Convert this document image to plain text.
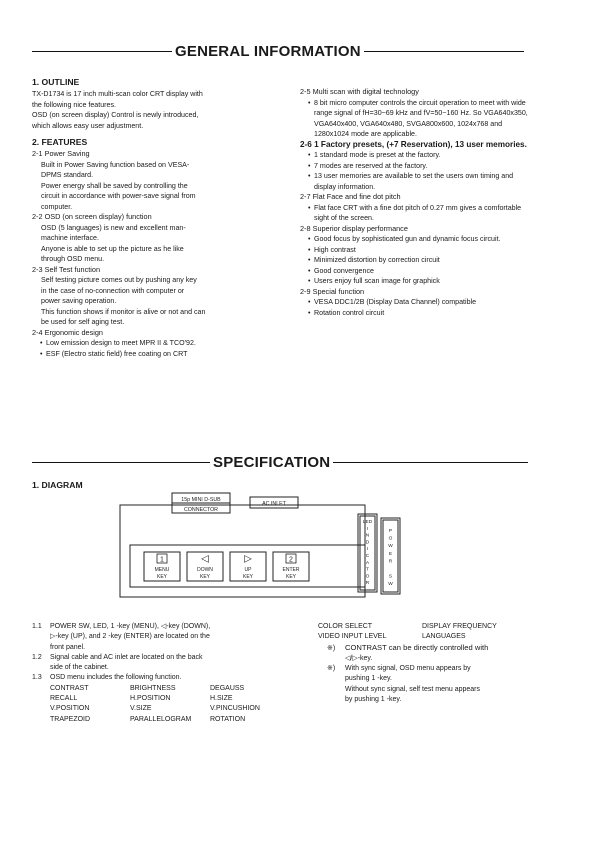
GENERAL INFORMATION
1. OUTLINE
TX-D1734 is 17 inch multi-scan color CRT display with
the following nice features.
OSD (on screen display) Control is newly introduced,
which allows easy user adjustment.
2. FEATURES
2-1 Power Saving
Built in Power Saving function based on VESA-
DPMS standard.
Power energy shall be saved by controlling the
circuit in accordance with power-save signal from
computer.
2-2 OSD (on screen display) function
OSD (5 languages) is new and excellent man-
machine interface.
Anyone is able to set up the picture as he like
through OSD menu.
2-3 Self Test function
Self testing picture comes out by pushing any key
in the case of no-connection with computer or
power saving operation.
This function shows if monitor is alive or not and can
be used for self aging test.
2-4 Ergonomic design
• Low emission design to meet MPR II & TCO'92.
• ESF (Electro static field) free coating on CRT
2-5 Multi scan with digital technology
• 8 bit micro computer controls the circuit operation to meet with wide range signal of fH=30~69 kHz and fV=50~160 Hz. So VGA640x350, VGA640x400, VGA640x480, SVGA800x600, 1024x768 and 1280x1024 mode are applicable.
2-6 1 Factory presets, (+7 Reservation), 13 user memories.
• 1 standard mode is preset at the factory.
• 7 modes are reserved at the factory.
• 13 user memories are available to set the users own timing and display information.
2-7 Flat Face and fine dot pitch
• Flat face CRT with a fine dot pitch of 0.27 mm gives a comfortable sight of the screen.
2-8 Superior display performance
• Good focus by sophisticated gun and dynamic focus circuit.
• High contrast
• Minimized distortion by correction circuit
• Good convergence
• Users enjoy full scan image for graphick
2-9 Special function
• VESA DDC1/2B (Display Data Channel) compatible
• Rotation control circuit
SPECIFICATION
1. DIAGRAM
15p MINI D-SUB
CONNECTOR
AC INLET
LED
I
N
D
I
C
A
T
O
R
P
O
W
E
R
S
W
1
MENU
KEY
◁
DOWN
KEY
▷
UP
KEY
2
ENTER
KEY
1.1 POWER SW, LED, 1 -key (MENU), ◁-key (DOWN),
▷-key (UP), and 2 -key (ENTER) are located on the
front panel.
1.2 Signal cable and AC inlet are located on the back
side of the cabinet.
1.3 OSD menu includes the following function.
CONTRAST	BRIGHTNESS	DEGAUSS
RECALL	H.POSITION	H.SIZE
V.POSITION	V.SIZE	V.PINCUSHION
TRAPEZOID	PARALLELOGRAM	ROTATION
COLOR SELECT	DISPLAY FREQUENCY
VIDEO INPUT LEVEL	LANGUAGES
※) CONTRAST can be directly controlled with
◁/▷-key.
※) With sync signal, OSD menu appears by
pushing 1 -key.
Without sync signal, self test menu appears
by pushing 1 -key.
